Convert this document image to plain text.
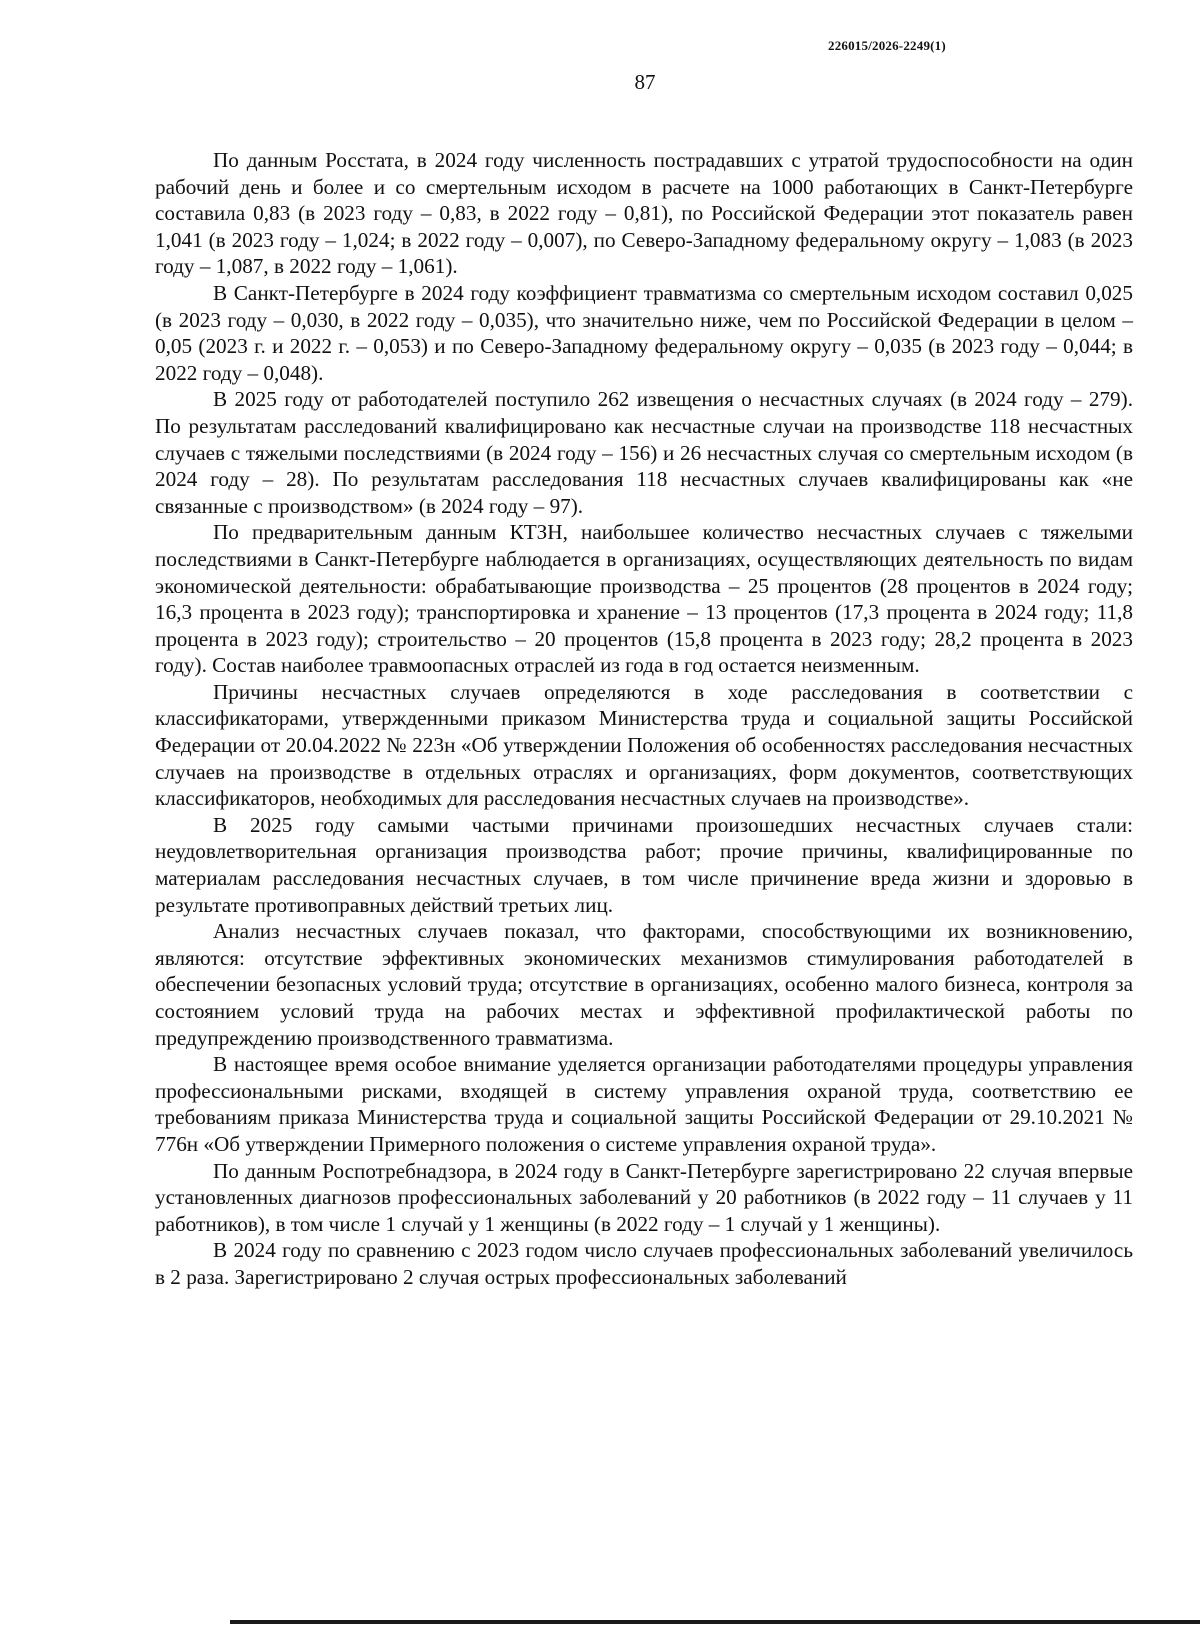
226015/2026-2249(1)
87

По данным Росстата, в 2024 году численность пострадавших с утратой трудоспособности на один рабочий день и более и со смертельным исходом в расчете на 1000 работающих в Санкт-Петербурге составила 0,83 (в 2023 году – 0,83, в 2022 году – 0,81), по Российской Федерации этот показатель равен 1,041 (в 2023 году – 1,024; в 2022 году – 0,007), по Северо-Западному федеральному округу – 1,083 (в 2023 году – 1,087, в 2022 году – 1,061).

В Санкт-Петербурге в 2024 году коэффициент травматизма со смертельным исходом составил 0,025 (в 2023 году – 0,030, в 2022 году – 0,035), что значительно ниже, чем по Российской Федерации в целом – 0,05 (2023 г. и 2022 г. – 0,053) и по Северо-Западному федеральному округу – 0,035 (в 2023 году – 0,044; в 2022 году – 0,048).

В 2025 году от работодателей поступило 262 извещения о несчастных случаях (в 2024 году – 279). По результатам расследований квалифицировано как несчастные случаи на производстве 118 несчастных случаев с тяжелыми последствиями (в 2024 году – 156) и 26 несчастных случая со смертельным исходом (в 2024 году – 28). По результатам расследования 118 несчастных случаев квалифицированы как «не связанные с производством» (в 2024 году – 97).

По предварительным данным КТЗН, наибольшее количество несчастных случаев с тяжелыми последствиями в Санкт-Петербурге наблюдается в организациях, осуществляющих деятельность по видам экономической деятельности: обрабатывающие производства – 25 процентов (28 процентов в 2024 году; 16,3 процента в 2023 году); транспортировка и хранение – 13 процентов (17,3 процента в 2024 году; 11,8 процента в 2023 году); строительство – 20 процентов (15,8 процента в 2023 году; 28,2 процента в 2023 году). Состав наиболее травмоопасных отраслей из года в год остается неизменным.

Причины несчастных случаев определяются в ходе расследования в соответствии с классификаторами, утвержденными приказом Министерства труда и социальной защиты Российской Федерации от 20.04.2022 № 223н «Об утверждении Положения об особенностях расследования несчастных случаев на производстве в отдельных отраслях и организациях, форм документов, соответствующих классификаторов, необходимых для расследования несчастных случаев на производстве».

В 2025 году самыми частыми причинами произошедших несчастных случаев стали: неудовлетворительная организация производства работ; прочие причины, квалифицированные по материалам расследования несчастных случаев, в том числе причинение вреда жизни и здоровью в результате противоправных действий третьих лиц.

Анализ несчастных случаев показал, что факторами, способствующими их возникновению, являются: отсутствие эффективных экономических механизмов стимулирования работодателей в обеспечении безопасных условий труда; отсутствие в организациях, особенно малого бизнеса, контроля за состоянием условий труда на рабочих местах и эффективной профилактической работы по предупреждению производственного травматизма.

В настоящее время особое внимание уделяется организации работодателями процедуры управления профессиональными рисками, входящей в систему управления охраной труда, соответствию ее требованиям приказа Министерства труда и социальной защиты Российской Федерации от 29.10.2021 № 776н «Об утверждении Примерного положения о системе управления охраной труда».

По данным Роспотребнадзора, в 2024 году в Санкт-Петербурге зарегистрировано 22 случая впервые установленных диагнозов профессиональных заболеваний у 20 работников (в 2022 году – 11 случаев у 11 работников), в том числе 1 случай у 1 женщины (в 2022 году – 1 случай у 1 женщины).

В 2024 году по сравнению с 2023 годом число случаев профессиональных заболеваний увеличилось в 2 раза. Зарегистрировано 2 случая острых профессиональных заболеваний
